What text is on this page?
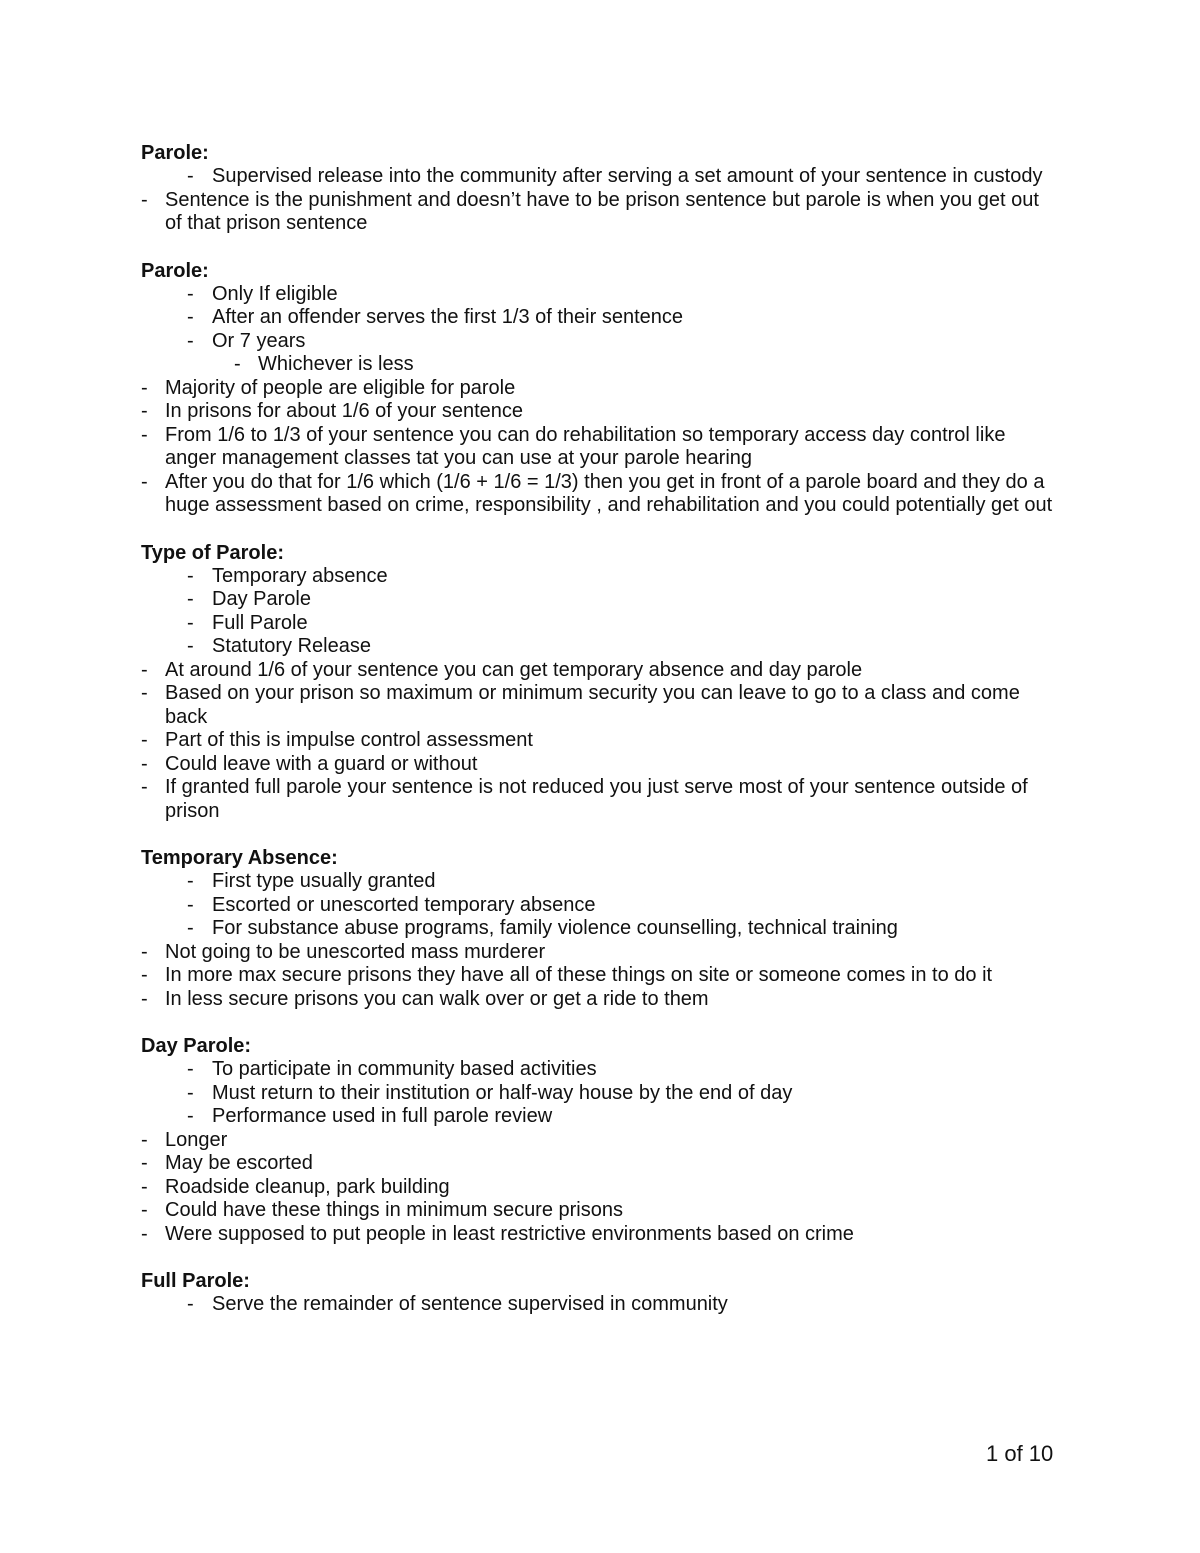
Parole:
- Supervised release into the community after serving a set amount of your sentence in custody
- Sentence is the punishment and doesn’t have to be prison sentence but parole is when you get out of that prison sentence
Parole:
- Only If eligible
- After an offender serves the first 1/3 of their sentence
- Or 7 years
- Whichever is less
- Majority of people are eligible for parole
- In prisons for about 1/6 of your sentence
- From 1/6 to 1/3 of your sentence you can do rehabilitation so temporary access day control like anger management classes tat you can use at your parole hearing
- After you do that for 1/6 which (1/6 + 1/6 = 1/3) then you get in front of a parole board and they do a huge assessment based on crime, responsibility , and rehabilitation and you could potentially get out
Type of Parole:
- Temporary absence
- Day Parole
- Full Parole
- Statutory Release
- At around 1/6 of your sentence you can get temporary absence and day parole
- Based on your prison so maximum or minimum security you can leave to go to a class and come back
- Part of this is impulse control assessment
- Could leave with a guard or without
- If granted full parole your sentence is not reduced you just serve most of your sentence outside of prison
Temporary Absence:
- First type usually granted
- Escorted or unescorted temporary absence
- For substance abuse programs, family violence counselling, technical training
- Not going to be unescorted mass murderer
- In more max secure prisons they have all of these things on site or someone comes in to do it
- In less secure prisons you can walk over or get a ride to them
Day Parole:
- To participate in community based activities
- Must return to their institution or half-way house by the end of day
- Performance used in full parole review
- Longer
- May be escorted
- Roadside cleanup, park building
- Could have these things in minimum secure prisons
- Were supposed to put people in least restrictive environments based on crime
Full Parole:
- Serve the remainder of sentence supervised in community
1 of 10
